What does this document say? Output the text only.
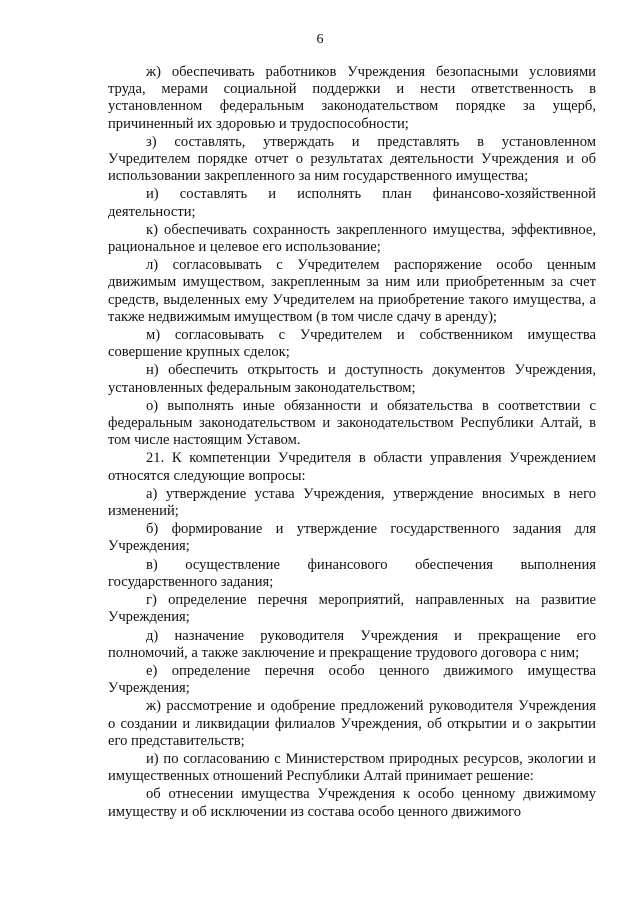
6

ж) обеспечивать работников Учреждения безопасными условиями труда, мерами социальной поддержки и нести ответственность в установленном федеральным законодательством порядке за ущерб, причиненный их здоровью и трудоспособности;

з) составлять, утверждать и представлять в установленном Учредителем порядке отчет о результатах деятельности Учреждения и об использовании закрепленного за ним государственного имущества;

и) составлять и исполнять план финансово-хозяйственной деятельности;

к) обеспечивать сохранность закрепленного имущества, эффективное, рациональное и целевое его использование;

л) согласовывать с Учредителем распоряжение особо ценным движимым имуществом, закрепленным за ним или приобретенным за счет средств, выделенных ему Учредителем на приобретение такого имущества, а также недвижимым имуществом (в том числе сдачу в аренду);

м) согласовывать с Учредителем и собственником имущества совершение крупных сделок;

н) обеспечить открытость и доступность документов Учреждения, установленных федеральным законодательством;

о) выполнять иные обязанности и обязательства в соответствии с федеральным законодательством и законодательством Республики Алтай, в том числе настоящим Уставом.

21. К компетенции Учредителя в области управления Учреждением относятся следующие вопросы:

а) утверждение устава Учреждения, утверждение вносимых в него изменений;

б) формирование и утверждение государственного задания для Учреждения;

в) осуществление финансового обеспечения выполнения государственного задания;

г) определение перечня мероприятий, направленных на развитие Учреждения;

д) назначение руководителя Учреждения и прекращение его полномочий, а также заключение и прекращение трудового договора с ним;

е) определение перечня особо ценного движимого имущества Учреждения;

ж) рассмотрение и одобрение предложений руководителя Учреждения о создании и ликвидации филиалов Учреждения, об открытии и о закрытии его представительств;

и) по согласованию с Министерством природных ресурсов, экологии и имущественных отношений Республики Алтай принимает решение:

об отнесении имущества Учреждения к особо ценному движимому имуществу и об исключении из состава особо ценного движимого
